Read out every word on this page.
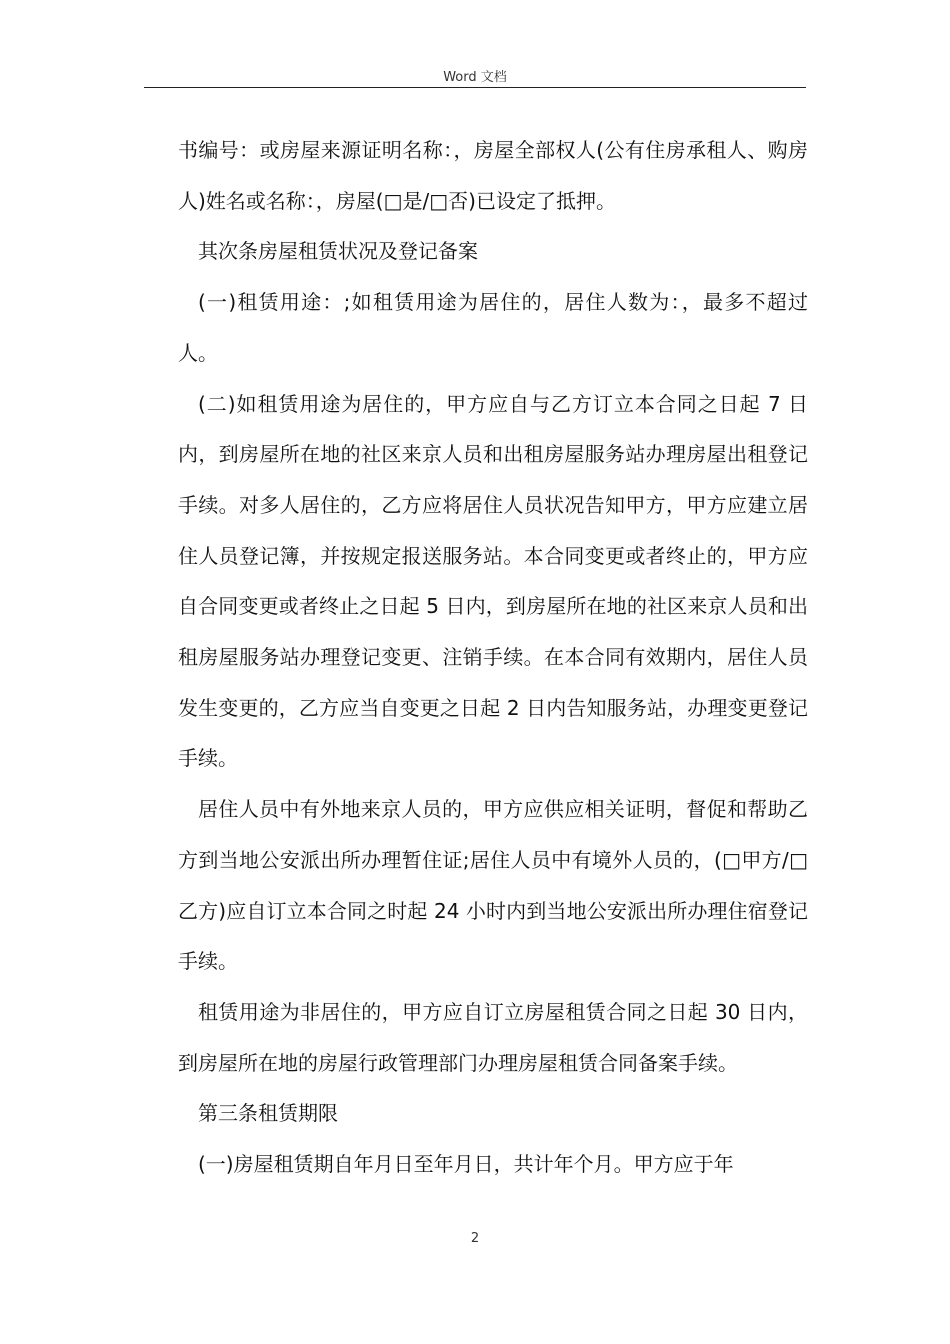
Word 文档

书编号：或房屋来源证明名称：，房屋全部权人(公有住房承租人、购房人)姓名或名称：，房屋(□是/□否)已设定了抵押。

其次条房屋租赁状况及登记备案

(一)租赁用途：;如租赁用途为居住的，居住人数为：，最多不超过人。

(二)如租赁用途为居住的，甲方应自与乙方订立本合同之日起 7 日内，到房屋所在地的社区来京人员和出租房屋服务站办理房屋出租登记手续。对多人居住的，乙方应将居住人员状况告知甲方，甲方应建立居住人员登记簿，并按规定报送服务站。本合同变更或者终止的，甲方应自合同变更或者终止之日起 5 日内，到房屋所在地的社区来京人员和出租房屋服务站办理登记变更、注销手续。在本合同有效期内，居住人员发生变更的，乙方应当自变更之日起 2 日内告知服务站，办理变更登记手续。

居住人员中有外地来京人员的，甲方应供应相关证明，督促和帮助乙方到当地公安派出所办理暂住证;居住人员中有境外人员的，(□甲方/□乙方)应自订立本合同之时起 24 小时内到当地公安派出所办理住宿登记手续。

租赁用途为非居住的，甲方应自订立房屋租赁合同之日起 30 日内，到房屋所在地的房屋行政管理部门办理房屋租赁合同备案手续。

第三条租赁期限

(一)房屋租赁期自年月日至年月日，共计年个月。甲方应于年

2
